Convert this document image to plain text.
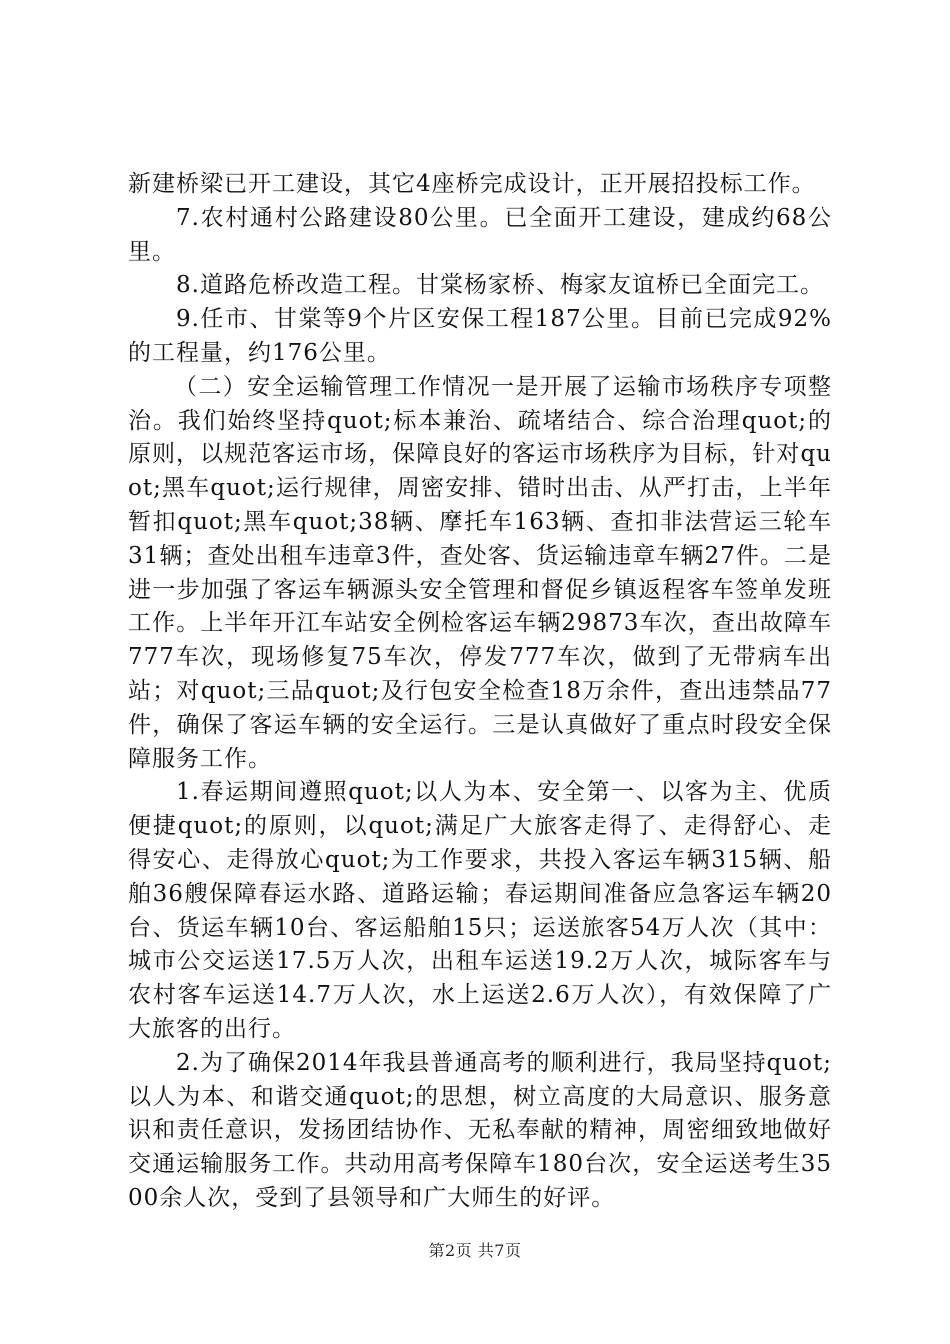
新建桥梁已开工建设，其它4座桥完成设计，正开展招投标工作。

7.农村通村公路建设80公里。已全面开工建设，建成约68公里。

8.道路危桥改造工程。甘棠杨家桥、梅家友谊桥已全面完工。

9.任市、甘棠等9个片区安保工程187公里。目前已完成92%的工程量，约176公里。

（二）安全运输管理工作情况一是开展了运输市场秩序专项整治。我们始终坚持quot;标本兼治、疏堵结合、综合治理quot;的原则，以规范客运市场，保障良好的客运市场秩序为目标，针对quot;黑车quot;运行规律，周密安排、错时出击、从严打击，上半年暂扣quot;黑车quot;38辆、摩托车163辆、查扣非法营运三轮车31辆；查处出租车违章3件，查处客、货运输违章车辆27件。二是进一步加强了客运车辆源头安全管理和督促乡镇返程客车签单发班工作。上半年开江车站安全例检客运车辆29873车次，查出故障车777车次，现场修复75车次，停发777车次，做到了无带病车出站；对quot;三品quot;及行包安全检查18万余件，查出违禁品77件，确保了客运车辆的安全运行。三是认真做好了重点时段安全保障服务工作。

1.春运期间遵照quot;以人为本、安全第一、以客为主、优质便捷quot;的原则，以quot;满足广大旅客走得了、走得舒心、走得安心、走得放心quot;为工作要求，共投入客运车辆315辆、船舶36艘保障春运水路、道路运输；春运期间准备应急客运车辆20台、货运车辆10台、客运船舶15只；运送旅客54万人次（其中：城市公交运送17.5万人次，出租车运送19.2万人次，城际客车与农村客车运送14.7万人次，水上运送2.6万人次），有效保障了广大旅客的出行。

2.为了确保2014年我县普通高考的顺利进行，我局坚持quot;以人为本、和谐交通quot;的思想，树立高度的大局意识、服务意识和责任意识，发扬团结协作、无私奉献的精神，周密细致地做好交通运输服务工作。共动用高考保障车180台次，安全运送考生3500余人次，受到了县领导和广大师生的好评。

第2页 共7页
